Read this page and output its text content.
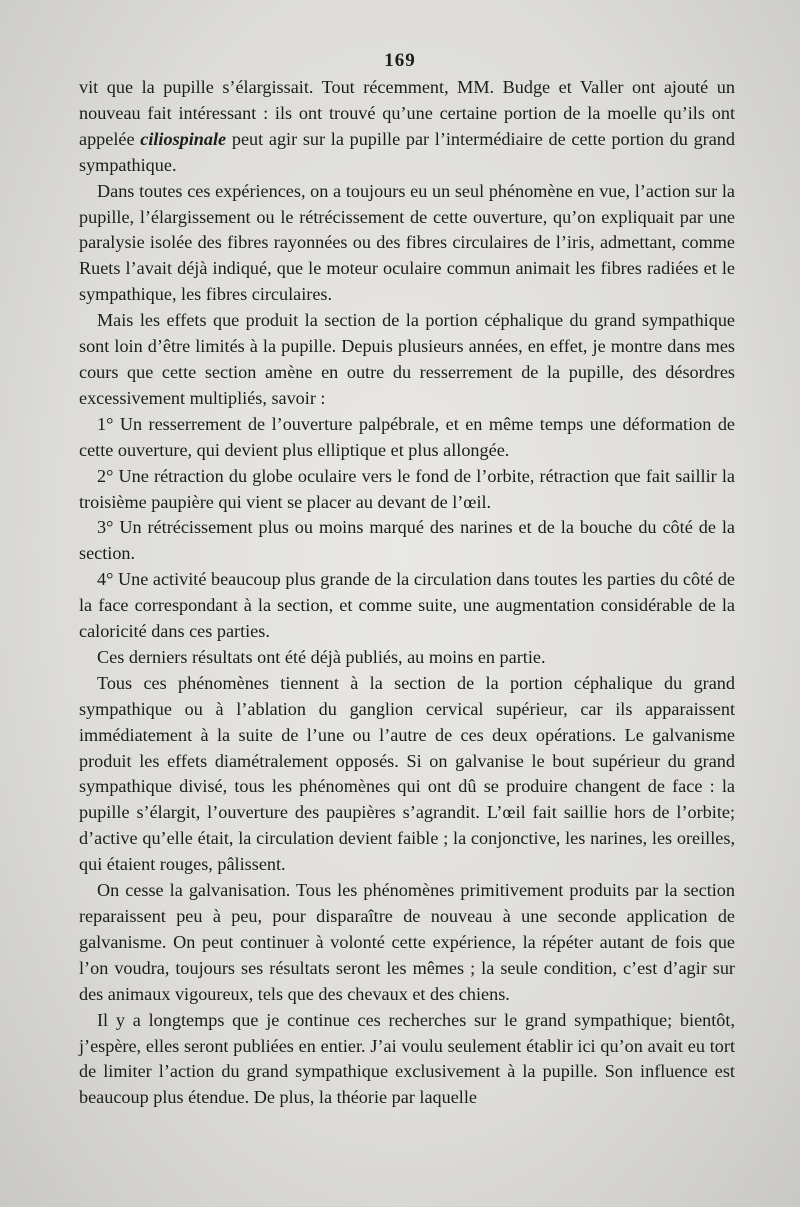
169

vit que la pupille s’élargissait. Tout récemment, MM. Budge et Valler ont ajouté un nouveau fait intéressant : ils ont trouvé qu’une certaine portion de la moelle qu’ils ont appelée ciliospinale peut agir sur la pupille par l’intermédiaire de cette portion du grand sympathique.

Dans toutes ces expériences, on a toujours eu un seul phénomène en vue, l’action sur la pupille, l’élargissement ou le rétrécissement de cette ouverture, qu’on expliquait par une paralysie isolée des fibres rayonnées ou des fibres circulaires de l’iris, admettant, comme Ruets l’avait déjà indiqué, que le moteur oculaire commun animait les fibres radiées et le sympathique, les fibres circulaires.

Mais les effets que produit la section de la portion céphalique du grand sympathique sont loin d’être limités à la pupille. Depuis plusieurs années, en effet, je montre dans mes cours que cette section amène en outre du resserrement de la pupille, des désordres excessivement multipliés, savoir :

1° Un resserrement de l’ouverture palpébrale, et en même temps une déformation de cette ouverture, qui devient plus elliptique et plus allongée.

2° Une rétraction du globe oculaire vers le fond de l’orbite, rétraction que fait saillir la troisième paupière qui vient se placer au devant de l’œil.

3° Un rétrécissement plus ou moins marqué des narines et de la bouche du côté de la section.

4° Une activité beaucoup plus grande de la circulation dans toutes les parties du côté de la face correspondant à la section, et comme suite, une augmentation considérable de la caloricité dans ces parties.

Ces derniers résultats ont été déjà publiés, au moins en partie.

Tous ces phénomènes tiennent à la section de la portion céphalique du grand sympathique ou à l’ablation du ganglion cervical supérieur, car ils apparaissent immédiatement à la suite de l’une ou l’autre de ces deux opérations. Le galvanisme produit les effets diamétralement opposés. Si on galvanise le bout supérieur du grand sympathique divisé, tous les phénomènes qui ont dû se produire changent de face : la pupille s’élargit, l’ouverture des paupières s’agrandit. L’œil fait saillie hors de l’orbite; d’active qu’elle était, la circulation devient faible ; la conjonctive, les narines, les oreilles, qui étaient rouges, pâlissent.

On cesse la galvanisation. Tous les phénomènes primitivement produits par la section reparaissent peu à peu, pour disparaître de nouveau à une seconde application de galvanisme. On peut continuer à volonté cette expérience, la répéter autant de fois que l’on voudra, toujours ses résultats seront les mêmes ; la seule condition, c’est d’agir sur des animaux vigoureux, tels que des chevaux et des chiens.

Il y a longtemps que je continue ces recherches sur le grand sympathique; bientôt, j’espère, elles seront publiées en entier. J’ai voulu seulement établir ici qu’on avait eu tort de limiter l’action du grand sympathique exclusivement à la pupille. Son influence est beaucoup plus étendue. De plus, la théorie par laquelle
